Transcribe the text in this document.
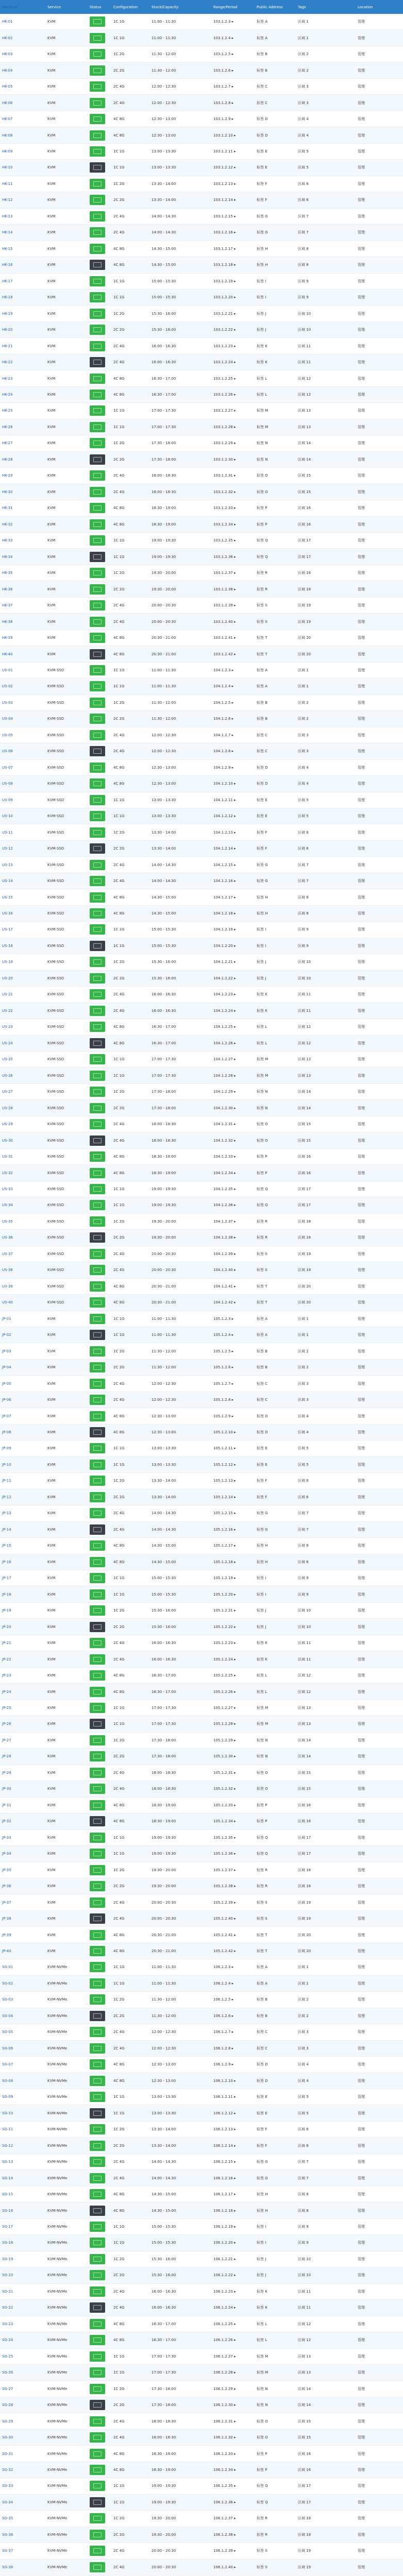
Machine	Service	Status	Configuration	Stock/Capacity	Range/Period	Public Address	Tags	Location
HK-01	KVM	1C 1G	11:00 - 11:30	103.1.2.3 ▸	标签 A	区域 1	管理
HK-02	KVM	1C 1G	11:00 - 11:30	103.1.2.4 ▸	标签 A	区域 1	管理
HK-03	KVM	1C 2G	11:30 - 12:00	103.1.2.5 ▸	标签 B	区域 2	管理
HK-04	KVM	2C 2G	11:30 - 12:00	103.1.2.6 ▸	标签 B	区域 2	管理
HK-05	KVM	2C 4G	12:00 - 12:30	103.1.2.7 ▸	标签 C	区域 3	管理
HK-06	KVM	2C 4G	12:00 - 12:30	103.1.2.8 ▸	标签 C	区域 3	管理
HK-07	KVM	4C 8G	12:30 - 13:00	103.1.2.9 ▸	标签 D	区域 4	管理
HK-08	KVM	4C 8G	12:30 - 13:00	103.1.2.10 ▸	标签 D	区域 4	管理
HK-09	KVM	1C 1G	13:00 - 13:30	103.1.2.11 ▸	标签 E	区域 5	管理
HK-10	KVM	1C 1G	13:00 - 13:30	103.1.2.12 ▸	标签 E	区域 5	管理
HK-11	KVM	1C 2G	13:30 - 14:00	103.1.2.13 ▸	标签 F	区域 6	管理
HK-12	KVM	2C 2G	13:30 - 14:00	103.1.2.14 ▸	标签 F	区域 6	管理
HK-13	KVM	2C 4G	14:00 - 14:30	103.1.2.15 ▸	标签 G	区域 7	管理
HK-14	KVM	2C 4G	14:00 - 14:30	103.1.2.16 ▸	标签 G	区域 7	管理
HK-15	KVM	4C 8G	14:30 - 15:00	103.1.2.17 ▸	标签 H	区域 8	管理
HK-16	KVM	4C 8G	14:30 - 15:00	103.1.2.18 ▸	标签 H	区域 8	管理
HK-17	KVM	1C 1G	15:00 - 15:30	103.1.2.19 ▸	标签 I	区域 9	管理
HK-18	KVM	1C 1G	15:00 - 15:30	103.1.2.20 ▸	标签 I	区域 9	管理
HK-19	KVM	1C 2G	15:30 - 16:00	103.1.2.21 ▸	标签 J	区域 10	管理
HK-20	KVM	2C 2G	15:30 - 16:00	103.1.2.22 ▸	标签 J	区域 10	管理
HK-21	KVM	2C 4G	16:00 - 16:30	103.1.2.23 ▸	标签 K	区域 11	管理
HK-22	KVM	2C 4G	16:00 - 16:30	103.1.2.24 ▸	标签 K	区域 11	管理
HK-23	KVM	4C 8G	16:30 - 17:00	103.1.2.25 ▸	标签 L	区域 12	管理
HK-24	KVM	4C 8G	16:30 - 17:00	103.1.2.26 ▸	标签 L	区域 12	管理
HK-25	KVM	1C 1G	17:00 - 17:30	103.1.2.27 ▸	标签 M	区域 13	管理
HK-26	KVM	1C 1G	17:00 - 17:30	103.1.2.28 ▸	标签 M	区域 13	管理
HK-27	KVM	1C 2G	17:30 - 18:00	103.1.2.29 ▸	标签 N	区域 14	管理
HK-28	KVM	2C 2G	17:30 - 18:00	103.1.2.30 ▸	标签 N	区域 14	管理
HK-29	KVM	2C 4G	18:00 - 18:30	103.1.2.31 ▸	标签 O	区域 15	管理
HK-30	KVM	2C 4G	18:00 - 18:30	103.1.2.32 ▸	标签 O	区域 15	管理
HK-31	KVM	4C 8G	18:30 - 19:00	103.1.2.33 ▸	标签 P	区域 16	管理
HK-32	KVM	4C 8G	18:30 - 19:00	103.1.2.34 ▸	标签 P	区域 16	管理
HK-33	KVM	1C 1G	19:00 - 19:30	103.1.2.35 ▸	标签 Q	区域 17	管理
HK-34	KVM	1C 1G	19:00 - 19:30	103.1.2.36 ▸	标签 Q	区域 17	管理
HK-35	KVM	1C 2G	19:30 - 20:00	103.1.2.37 ▸	标签 R	区域 18	管理
HK-36	KVM	2C 2G	19:30 - 20:00	103.1.2.38 ▸	标签 R	区域 18	管理
HK-37	KVM	2C 4G	20:00 - 20:30	103.1.2.39 ▸	标签 S	区域 19	管理
HK-38	KVM	2C 4G	20:00 - 20:30	103.1.2.40 ▸	标签 S	区域 19	管理
HK-39	KVM	4C 8G	20:30 - 21:00	103.1.2.41 ▸	标签 T	区域 20	管理
HK-40	KVM	4C 8G	20:30 - 21:00	103.1.2.42 ▸	标签 T	区域 20	管理
US-01	KVM-SSD	1C 1G	11:00 - 11:30	104.1.2.3 ▸	标签 A	区域 1	管理
US-02	KVM-SSD	1C 1G	11:00 - 11:30	104.1.2.4 ▸	标签 A	区域 1	管理
US-03	KVM-SSD	1C 2G	11:30 - 12:00	104.1.2.5 ▸	标签 B	区域 2	管理
US-04	KVM-SSD	2C 2G	11:30 - 12:00	104.1.2.6 ▸	标签 B	区域 2	管理
US-05	KVM-SSD	2C 4G	12:00 - 12:30	104.1.2.7 ▸	标签 C	区域 3	管理
US-06	KVM-SSD	2C 4G	12:00 - 12:30	104.1.2.8 ▸	标签 C	区域 3	管理
US-07	KVM-SSD	4C 8G	12:30 - 13:00	104.1.2.9 ▸	标签 D	区域 4	管理
US-08	KVM-SSD	4C 8G	12:30 - 13:00	104.1.2.10 ▸	标签 D	区域 4	管理
US-09	KVM-SSD	1C 1G	13:00 - 13:30	104.1.2.11 ▸	标签 E	区域 5	管理
US-10	KVM-SSD	1C 1G	13:00 - 13:30	104.1.2.12 ▸	标签 E	区域 5	管理
US-11	KVM-SSD	1C 2G	13:30 - 14:00	104.1.2.13 ▸	标签 F	区域 6	管理
US-12	KVM-SSD	2C 2G	13:30 - 14:00	104.1.2.14 ▸	标签 F	区域 6	管理
US-13	KVM-SSD	2C 4G	14:00 - 14:30	104.1.2.15 ▸	标签 G	区域 7	管理
US-14	KVM-SSD	2C 4G	14:00 - 14:30	104.1.2.16 ▸	标签 G	区域 7	管理
US-15	KVM-SSD	4C 8G	14:30 - 15:00	104.1.2.17 ▸	标签 H	区域 8	管理
US-16	KVM-SSD	4C 8G	14:30 - 15:00	104.1.2.18 ▸	标签 H	区域 8	管理
US-17	KVM-SSD	1C 1G	15:00 - 15:30	104.1.2.19 ▸	标签 I	区域 9	管理
US-18	KVM-SSD	1C 1G	15:00 - 15:30	104.1.2.20 ▸	标签 I	区域 9	管理
US-19	KVM-SSD	1C 2G	15:30 - 16:00	104.1.2.21 ▸	标签 J	区域 10	管理
US-20	KVM-SSD	2C 2G	15:30 - 16:00	104.1.2.22 ▸	标签 J	区域 10	管理
US-21	KVM-SSD	2C 4G	16:00 - 16:30	104.1.2.23 ▸	标签 K	区域 11	管理
US-22	KVM-SSD	2C 4G	16:00 - 16:30	104.1.2.24 ▸	标签 K	区域 11	管理
US-23	KVM-SSD	4C 8G	16:30 - 17:00	104.1.2.25 ▸	标签 L	区域 12	管理
US-24	KVM-SSD	4C 8G	16:30 - 17:00	104.1.2.26 ▸	标签 L	区域 12	管理
US-25	KVM-SSD	1C 1G	17:00 - 17:30	104.1.2.27 ▸	标签 M	区域 13	管理
US-26	KVM-SSD	1C 1G	17:00 - 17:30	104.1.2.28 ▸	标签 M	区域 13	管理
US-27	KVM-SSD	1C 2G	17:30 - 18:00	104.1.2.29 ▸	标签 N	区域 14	管理
US-28	KVM-SSD	2C 2G	17:30 - 18:00	104.1.2.30 ▸	标签 N	区域 14	管理
US-29	KVM-SSD	2C 4G	18:00 - 18:30	104.1.2.31 ▸	标签 O	区域 15	管理
US-30	KVM-SSD	2C 4G	18:00 - 18:30	104.1.2.32 ▸	标签 O	区域 15	管理
US-31	KVM-SSD	4C 8G	18:30 - 19:00	104.1.2.33 ▸	标签 P	区域 16	管理
US-32	KVM-SSD	4C 8G	18:30 - 19:00	104.1.2.34 ▸	标签 P	区域 16	管理
US-33	KVM-SSD	1C 1G	19:00 - 19:30	104.1.2.35 ▸	标签 Q	区域 17	管理
US-34	KVM-SSD	1C 1G	19:00 - 19:30	104.1.2.36 ▸	标签 Q	区域 17	管理
US-35	KVM-SSD	1C 2G	19:30 - 20:00	104.1.2.37 ▸	标签 R	区域 18	管理
US-36	KVM-SSD	2C 2G	19:30 - 20:00	104.1.2.38 ▸	标签 R	区域 18	管理
US-37	KVM-SSD	2C 4G	20:00 - 20:30	104.1.2.39 ▸	标签 S	区域 19	管理
US-38	KVM-SSD	2C 4G	20:00 - 20:30	104.1.2.40 ▸	标签 S	区域 19	管理
US-39	KVM-SSD	4C 8G	20:30 - 21:00	104.1.2.41 ▸	标签 T	区域 20	管理
US-40	KVM-SSD	4C 8G	20:30 - 21:00	104.1.2.42 ▸	标签 T	区域 20	管理
JP-01	KVM	1C 1G	11:00 - 11:30	105.1.2.3 ▸	标签 A	区域 1	管理
JP-02	KVM	1C 1G	11:00 - 11:30	105.1.2.4 ▸	标签 A	区域 1	管理
JP-03	KVM	1C 2G	11:30 - 12:00	105.1.2.5 ▸	标签 B	区域 2	管理
JP-04	KVM	2C 2G	11:30 - 12:00	105.1.2.6 ▸	标签 B	区域 2	管理
JP-05	KVM	2C 4G	12:00 - 12:30	105.1.2.7 ▸	标签 C	区域 3	管理
JP-06	KVM	2C 4G	12:00 - 12:30	105.1.2.8 ▸	标签 C	区域 3	管理
JP-07	KVM	4C 8G	12:30 - 13:00	105.1.2.9 ▸	标签 D	区域 4	管理
JP-08	KVM	4C 8G	12:30 - 13:00	105.1.2.10 ▸	标签 D	区域 4	管理
JP-09	KVM	1C 1G	13:00 - 13:30	105.1.2.11 ▸	标签 E	区域 5	管理
JP-10	KVM	1C 1G	13:00 - 13:30	105.1.2.12 ▸	标签 E	区域 5	管理
JP-11	KVM	1C 2G	13:30 - 14:00	105.1.2.13 ▸	标签 F	区域 6	管理
JP-12	KVM	2C 2G	13:30 - 14:00	105.1.2.14 ▸	标签 F	区域 6	管理
JP-13	KVM	2C 4G	14:00 - 14:30	105.1.2.15 ▸	标签 G	区域 7	管理
JP-14	KVM	2C 4G	14:00 - 14:30	105.1.2.16 ▸	标签 G	区域 7	管理
JP-15	KVM	4C 8G	14:30 - 15:00	105.1.2.17 ▸	标签 H	区域 8	管理
JP-16	KVM	4C 8G	14:30 - 15:00	105.1.2.18 ▸	标签 H	区域 8	管理
JP-17	KVM	1C 1G	15:00 - 15:30	105.1.2.19 ▸	标签 I	区域 9	管理
JP-18	KVM	1C 1G	15:00 - 15:30	105.1.2.20 ▸	标签 I	区域 9	管理
JP-19	KVM	1C 2G	15:30 - 16:00	105.1.2.21 ▸	标签 J	区域 10	管理
JP-20	KVM	2C 2G	15:30 - 16:00	105.1.2.22 ▸	标签 J	区域 10	管理
JP-21	KVM	2C 4G	16:00 - 16:30	105.1.2.23 ▸	标签 K	区域 11	管理
JP-22	KVM	2C 4G	16:00 - 16:30	105.1.2.24 ▸	标签 K	区域 11	管理
JP-23	KVM	4C 8G	16:30 - 17:00	105.1.2.25 ▸	标签 L	区域 12	管理
JP-24	KVM	4C 8G	16:30 - 17:00	105.1.2.26 ▸	标签 L	区域 12	管理
JP-25	KVM	1C 1G	17:00 - 17:30	105.1.2.27 ▸	标签 M	区域 13	管理
JP-26	KVM	1C 1G	17:00 - 17:30	105.1.2.28 ▸	标签 M	区域 13	管理
JP-27	KVM	1C 2G	17:30 - 18:00	105.1.2.29 ▸	标签 N	区域 14	管理
JP-28	KVM	2C 2G	17:30 - 18:00	105.1.2.30 ▸	标签 N	区域 14	管理
JP-29	KVM	2C 4G	18:00 - 18:30	105.1.2.31 ▸	标签 O	区域 15	管理
JP-30	KVM	2C 4G	18:00 - 18:30	105.1.2.32 ▸	标签 O	区域 15	管理
JP-31	KVM	4C 8G	18:30 - 19:00	105.1.2.33 ▸	标签 P	区域 16	管理
JP-32	KVM	4C 8G	18:30 - 19:00	105.1.2.34 ▸	标签 P	区域 16	管理
JP-33	KVM	1C 1G	19:00 - 19:30	105.1.2.35 ▸	标签 Q	区域 17	管理
JP-34	KVM	1C 1G	19:00 - 19:30	105.1.2.36 ▸	标签 Q	区域 17	管理
JP-35	KVM	1C 2G	19:30 - 20:00	105.1.2.37 ▸	标签 R	区域 18	管理
JP-36	KVM	2C 2G	19:30 - 20:00	105.1.2.38 ▸	标签 R	区域 18	管理
JP-37	KVM	2C 4G	20:00 - 20:30	105.1.2.39 ▸	标签 S	区域 19	管理
JP-38	KVM	2C 4G	20:00 - 20:30	105.1.2.40 ▸	标签 S	区域 19	管理
JP-39	KVM	4C 8G	20:30 - 21:00	105.1.2.41 ▸	标签 T	区域 20	管理
JP-40	KVM	4C 8G	20:30 - 21:00	105.1.2.42 ▸	标签 T	区域 20	管理
SG-01	KVM-NVMe	1C 1G	11:00 - 11:30	106.1.2.3 ▸	标签 A	区域 1	管理
SG-02	KVM-NVMe	1C 1G	11:00 - 11:30	106.1.2.4 ▸	标签 A	区域 1	管理
SG-03	KVM-NVMe	1C 2G	11:30 - 12:00	106.1.2.5 ▸	标签 B	区域 2	管理
SG-04	KVM-NVMe	2C 2G	11:30 - 12:00	106.1.2.6 ▸	标签 B	区域 2	管理
SG-05	KVM-NVMe	2C 4G	12:00 - 12:30	106.1.2.7 ▸	标签 C	区域 3	管理
SG-06	KVM-NVMe	2C 4G	12:00 - 12:30	106.1.2.8 ▸	标签 C	区域 3	管理
SG-07	KVM-NVMe	4C 8G	12:30 - 13:00	106.1.2.9 ▸	标签 D	区域 4	管理
SG-08	KVM-NVMe	4C 8G	12:30 - 13:00	106.1.2.10 ▸	标签 D	区域 4	管理
SG-09	KVM-NVMe	1C 1G	13:00 - 13:30	106.1.2.11 ▸	标签 E	区域 5	管理
SG-10	KVM-NVMe	1C 1G	13:00 - 13:30	106.1.2.12 ▸	标签 E	区域 5	管理
SG-11	KVM-NVMe	1C 2G	13:30 - 14:00	106.1.2.13 ▸	标签 F	区域 6	管理
SG-12	KVM-NVMe	2C 2G	13:30 - 14:00	106.1.2.14 ▸	标签 F	区域 6	管理
SG-13	KVM-NVMe	2C 4G	14:00 - 14:30	106.1.2.15 ▸	标签 G	区域 7	管理
SG-14	KVM-NVMe	2C 4G	14:00 - 14:30	106.1.2.16 ▸	标签 G	区域 7	管理
SG-15	KVM-NVMe	4C 8G	14:30 - 15:00	106.1.2.17 ▸	标签 H	区域 8	管理
SG-16	KVM-NVMe	4C 8G	14:30 - 15:00	106.1.2.18 ▸	标签 H	区域 8	管理
SG-17	KVM-NVMe	1C 1G	15:00 - 15:30	106.1.2.19 ▸	标签 I	区域 9	管理
SG-18	KVM-NVMe	1C 1G	15:00 - 15:30	106.1.2.20 ▸	标签 I	区域 9	管理
SG-19	KVM-NVMe	1C 2G	15:30 - 16:00	106.1.2.21 ▸	标签 J	区域 10	管理
SG-20	KVM-NVMe	2C 2G	15:30 - 16:00	106.1.2.22 ▸	标签 J	区域 10	管理
SG-21	KVM-NVMe	2C 4G	16:00 - 16:30	106.1.2.23 ▸	标签 K	区域 11	管理
SG-22	KVM-NVMe	2C 4G	16:00 - 16:30	106.1.2.24 ▸	标签 K	区域 11	管理
SG-23	KVM-NVMe	4C 8G	16:30 - 17:00	106.1.2.25 ▸	标签 L	区域 12	管理
SG-24	KVM-NVMe	4C 8G	16:30 - 17:00	106.1.2.26 ▸	标签 L	区域 12	管理
SG-25	KVM-NVMe	1C 1G	17:00 - 17:30	106.1.2.27 ▸	标签 M	区域 13	管理
SG-26	KVM-NVMe	1C 1G	17:00 - 17:30	106.1.2.28 ▸	标签 M	区域 13	管理
SG-27	KVM-NVMe	1C 2G	17:30 - 18:00	106.1.2.29 ▸	标签 N	区域 14	管理
SG-28	KVM-NVMe	2C 2G	17:30 - 18:00	106.1.2.30 ▸	标签 N	区域 14	管理
SG-29	KVM-NVMe	2C 4G	18:00 - 18:30	106.1.2.31 ▸	标签 O	区域 15	管理
SG-30	KVM-NVMe	2C 4G	18:00 - 18:30	106.1.2.32 ▸	标签 O	区域 15	管理
SG-31	KVM-NVMe	4C 8G	18:30 - 19:00	106.1.2.33 ▸	标签 P	区域 16	管理
SG-32	KVM-NVMe	4C 8G	18:30 - 19:00	106.1.2.34 ▸	标签 P	区域 16	管理
SG-33	KVM-NVMe	1C 1G	19:00 - 19:30	106.1.2.35 ▸	标签 Q	区域 17	管理
SG-34	KVM-NVMe	1C 1G	19:00 - 19:30	106.1.2.36 ▸	标签 Q	区域 17	管理
SG-35	KVM-NVMe	1C 2G	19:30 - 20:00	106.1.2.37 ▸	标签 R	区域 18	管理
SG-36	KVM-NVMe	2C 2G	19:30 - 20:00	106.1.2.38 ▸	标签 R	区域 18	管理
SG-37	KVM-NVMe	2C 4G	20:00 - 20:30	106.1.2.39 ▸	标签 S	区域 19	管理
SG-38	KVM-NVMe	2C 4G	20:00 - 20:30	106.1.2.40 ▸	标签 S	区域 19	管理
